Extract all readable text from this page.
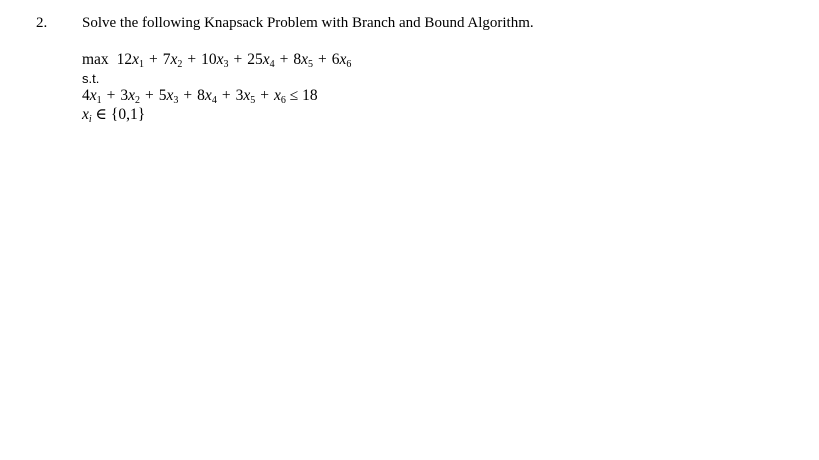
2. Solve the following Knapsack Problem with Branch and Bound Algorithm.
$\max 12x_1 + 7x_2 + 10x_3 + 25x_4 + 8x_5 + 6x_6$
s.t.
$4x_1 + 3x_2 + 5x_3 + 8x_4 + 3x_5 + x_6 \le 18$
$x_i$ ∈ {0,1}
